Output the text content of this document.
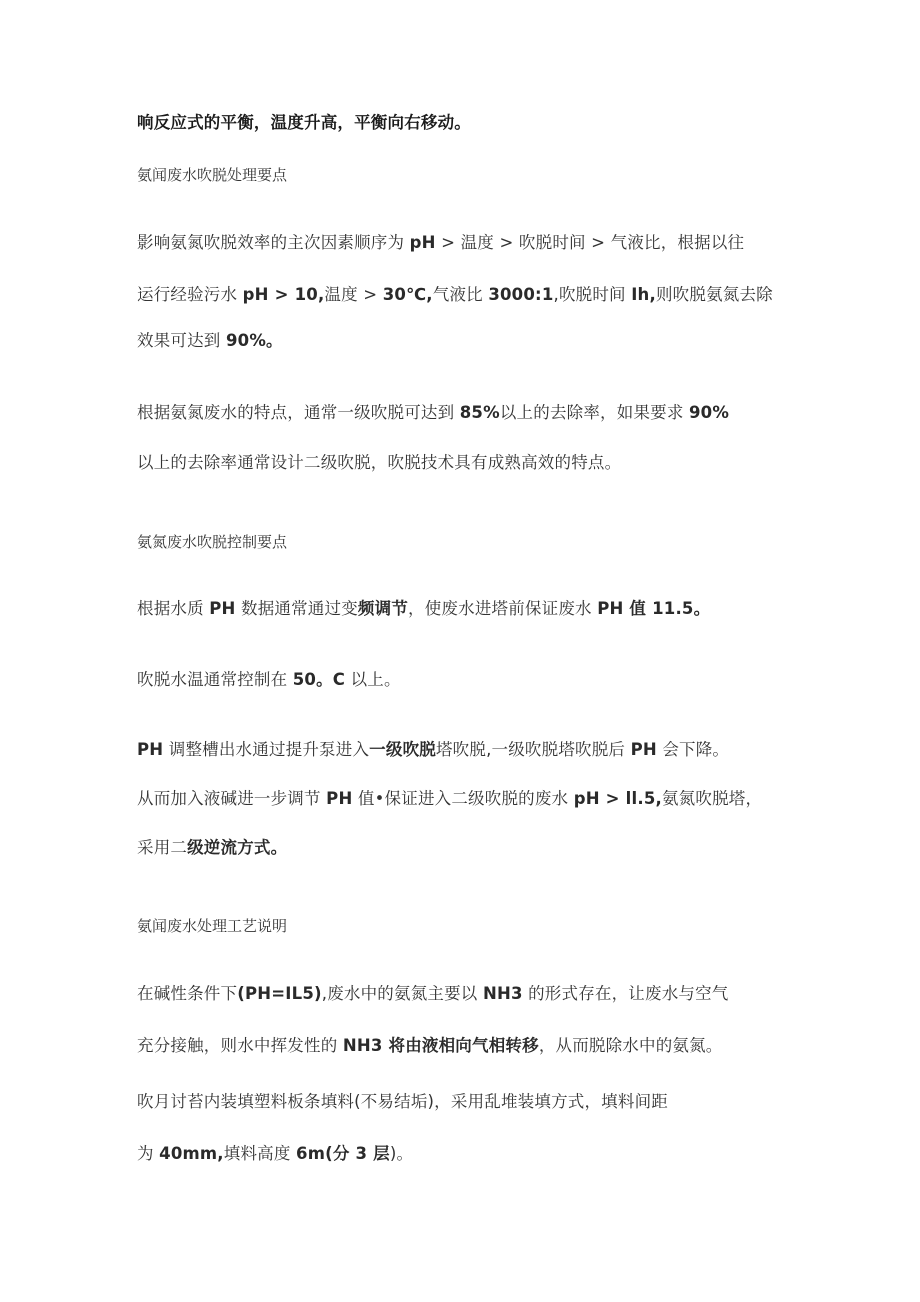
响反应式的平衡，温度升高，平衡向右移动。
氨闻废水吹脱处理要点
影响氨氮吹脱效率的主次因素顺序为 pH > 温度 > 吹脱时间 > 气液比，根据以往
运行经验污水 pH > 10,温度 > 30℃,气液比 3000:1,吹脱时间 Ih,则吹脱氨氮去除
效果可达到 90%。
根据氨氮废水的特点，通常一级吹脱可达到 85%以上的去除率，如果要求 90%
以上的去除率通常设计二级吹脱，吹脱技术具有成熟高效的特点。
氨氮废水吹脱控制要点
根据水质 PH 数据通常通过变频调节，使废水进塔前保证废水 PH 值 11.5。
吹脱水温通常控制在 50。C 以上。
PH 调整槽出水通过提升泵进入一级吹脱塔吹脱,一级吹脱塔吹脱后 PH 会下降。
从而加入液碱进一步调节 PH 值•保证进入二级吹脱的废水 pH > ll.5,氨氮吹脱塔，
采用二级逆流方式。
氨闻废水处理工艺说明
在碱性条件下(PH=IL5),废水中的氨氮主要以 NH3 的形式存在，让废水与空气
充分接触，则水中挥发性的 NH3 将由液相向气相转移，从而脱除水中的氨氮。
吹月讨苔内装填塑料板条填料(不易结垢)，采用乱堆装填方式，填料间距
为 40mm,填料高度 6m(分 3 层)。
